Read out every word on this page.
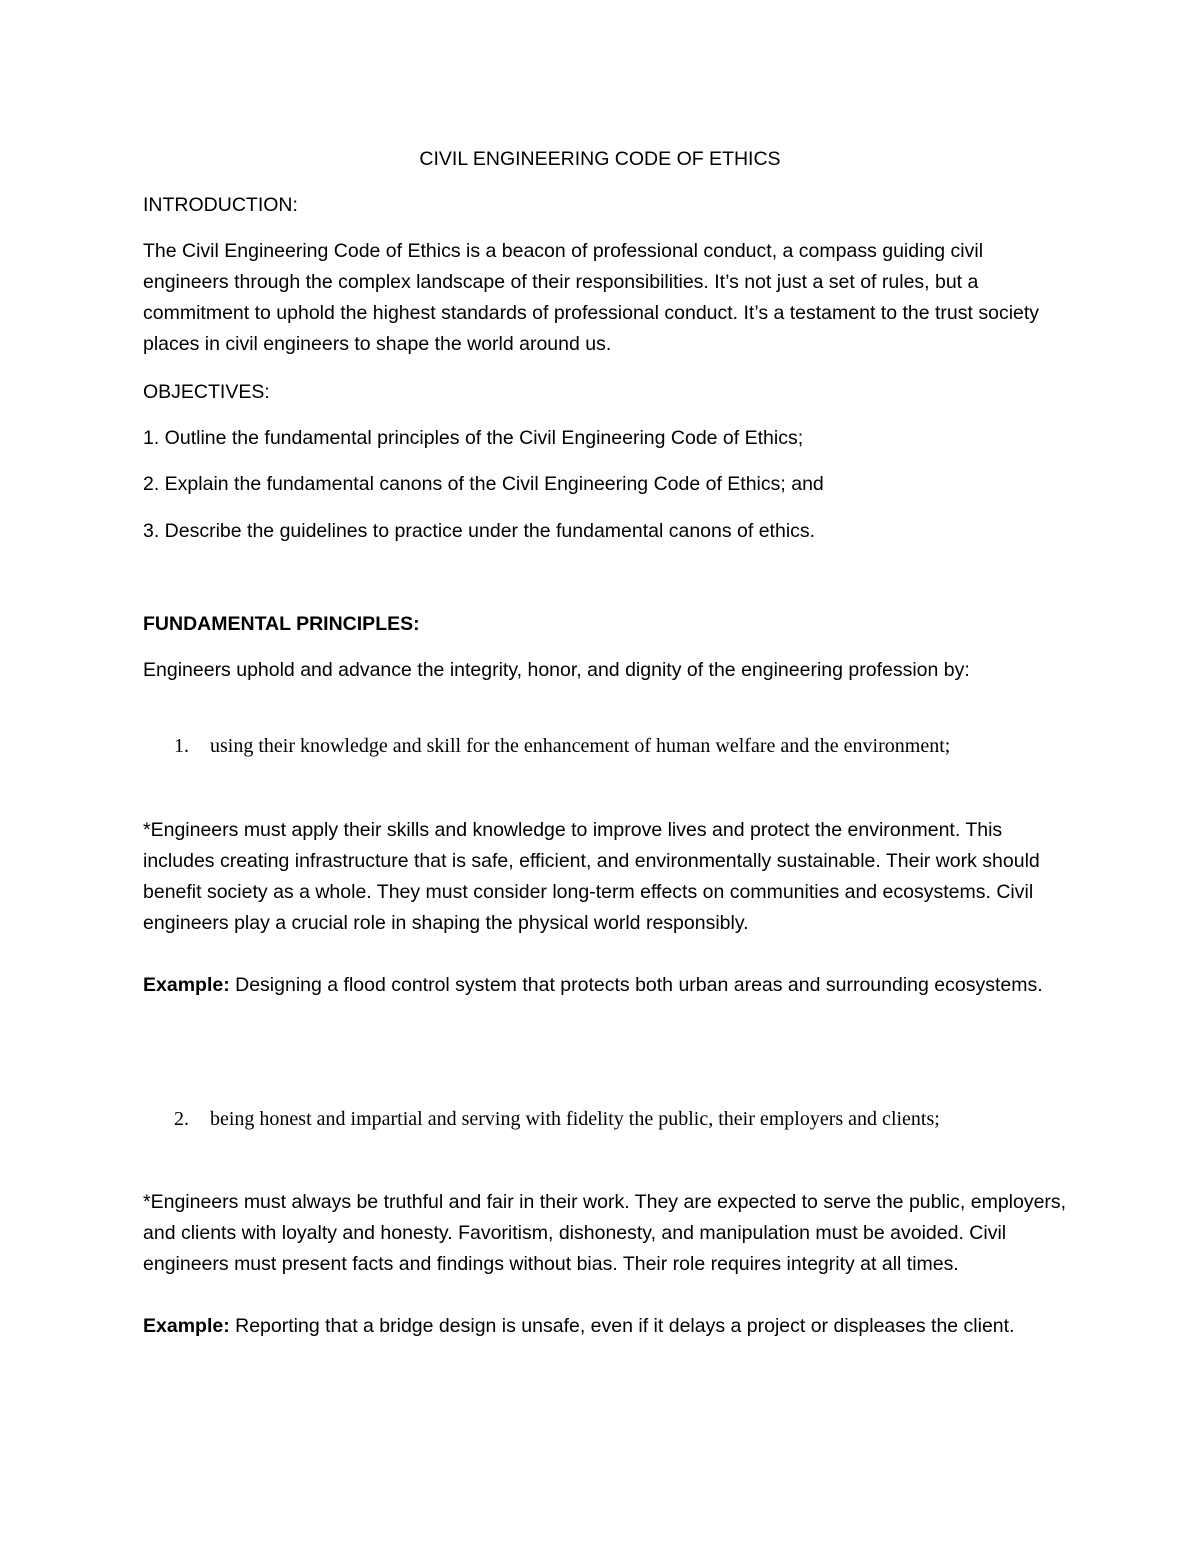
CIVIL ENGINEERING CODE OF ETHICS

INTRODUCTION:

The Civil Engineering Code of Ethics is a beacon of professional conduct, a compass guiding civil engineers through the complex landscape of their responsibilities. It’s not just a set of rules, but a commitment to uphold the highest standards of professional conduct. It’s a testament to the trust society places in civil engineers to shape the world around us.

OBJECTIVES:

1. Outline the fundamental principles of the Civil Engineering Code of Ethics;

2. Explain the fundamental canons of the Civil Engineering Code of Ethics; and

3. Describe the guidelines to practice under the fundamental canons of ethics.

FUNDAMENTAL PRINCIPLES:

Engineers uphold and advance the integrity, honor, and dignity of the engineering profession by:

1.	using their knowledge and skill for the enhancement of human welfare and the environment;

*Engineers must apply their skills and knowledge to improve lives and protect the environment. This includes creating infrastructure that is safe, efficient, and environmentally sustainable. Their work should benefit society as a whole. They must consider long-term effects on communities and ecosystems. Civil engineers play a crucial role in shaping the physical world responsibly.

Example: Designing a flood control system that protects both urban areas and surrounding ecosystems.

2.	being honest and impartial and serving with fidelity the public, their employers and clients;

*Engineers must always be truthful and fair in their work. They are expected to serve the public, employers, and clients with loyalty and honesty. Favoritism, dishonesty, and manipulation must be avoided. Civil engineers must present facts and findings without bias. Their role requires integrity at all times.

Example: Reporting that a bridge design is unsafe, even if it delays a project or displeases the client.
